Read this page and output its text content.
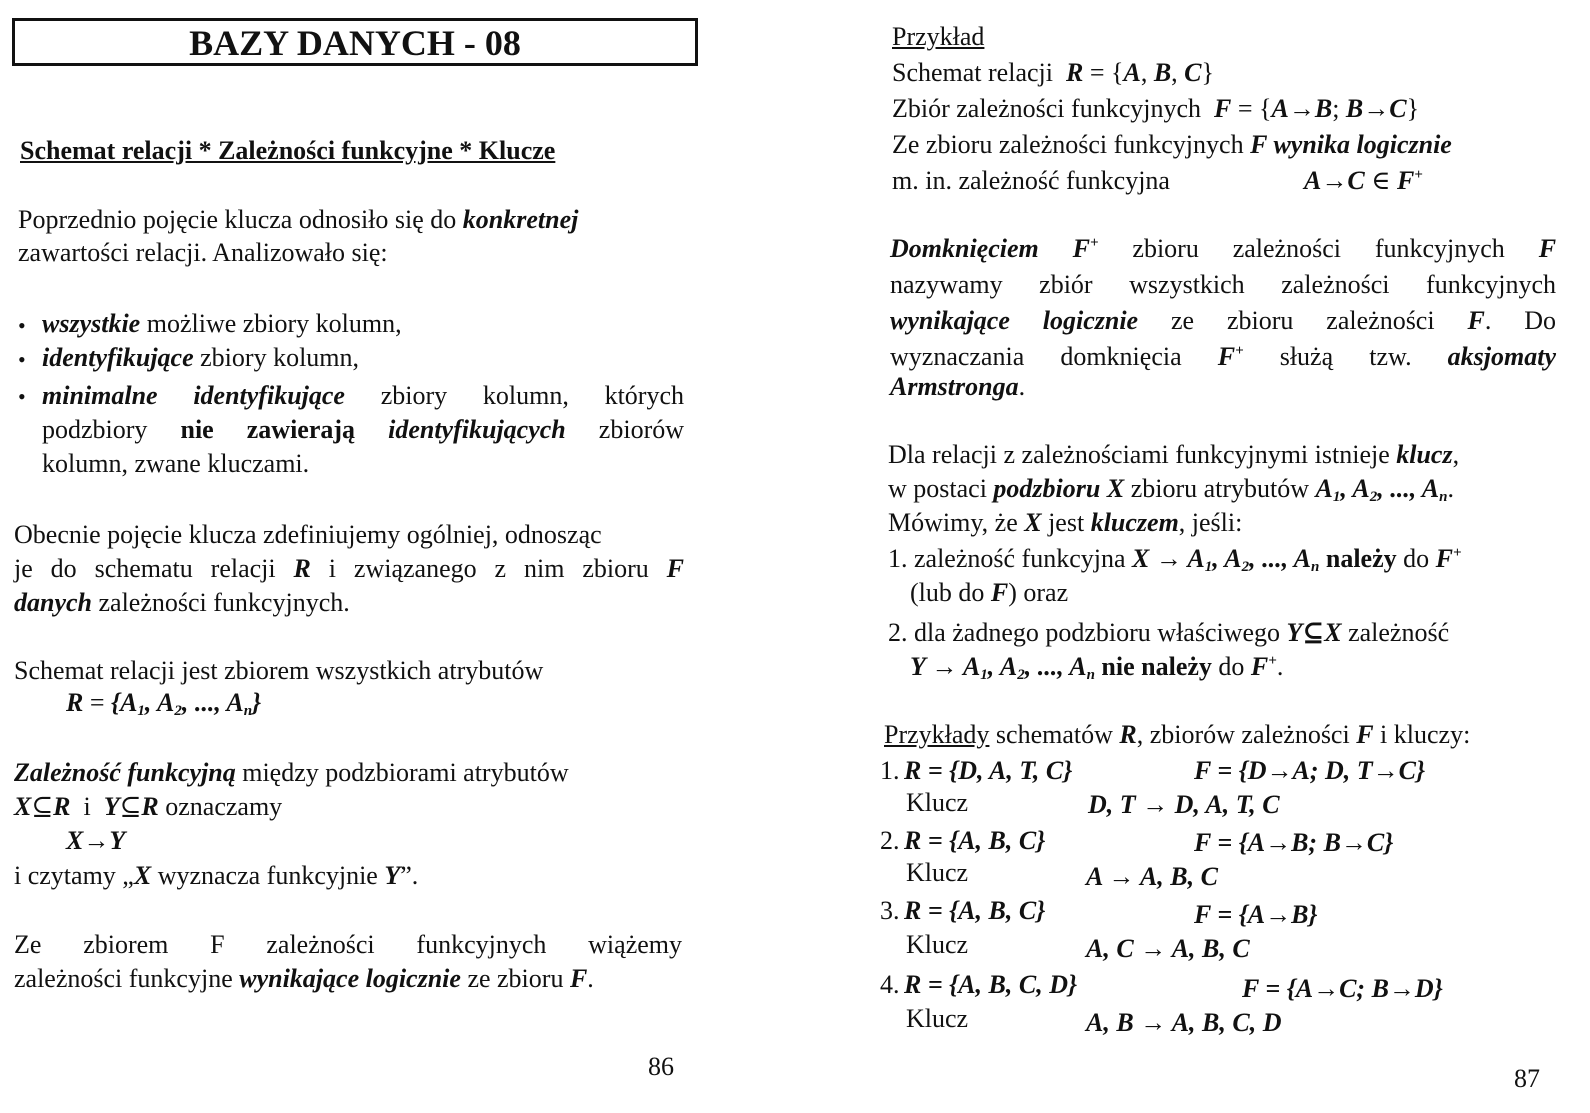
BAZY DANYCH - 08
Schemat relacji * Zależności funkcyjne * Klucze
Poprzednio pojęcie klucza odnosiło się do konkretnej
zawartości relacji. Analizowało się:
• wszystkie możliwe zbiory kolumn,
• identyfikujące zbiory kolumn,
• minimalne identyfikujące zbiory kolumn, których
podzbiory nie zawierają identyfikujących zbiorów
kolumn, zwane kluczami.
Obecnie pojęcie klucza zdefiniujemy ogólniej, odnosząc
je do schematu relacji R i związanego z nim zbioru F
danych zależności funkcyjnych.
Schemat relacji jest zbiorem wszystkich atrybutów
$R = \{A_1$, $A_2$, ..., $A_n$}
Zależność funkcyjną między podzbiorami atrybutów
X⊆R  i  Y⊆R oznaczamy
X→Y
i czytamy „X wyznacza funkcyjnie Y”.
Ze zbiorem F zależności funkcyjnych wiążemy
zależności funkcyjne wynikające logicznie ze zbioru F.
86
Przykład
Schemat relacji R = {A, B, C}
Zbiór zależności funkcyjnych F = {A→B; B→C}
Ze zbioru zależności funkcyjnych F wynika logicznie
m. in. zależność funkcyjna	A→C ∈ F+
Domknięciem F+ zbioru zależności funkcyjnych F
nazywamy zbiór wszystkich zależności funkcyjnych
wynikające logicznie ze zbioru zależności F. Do
wyznaczania domknięcia F+ służą tzw. aksjomaty
Armstronga.
Dla relacji z zależnościami funkcyjnymi istnieje klucz,
w postaci podzbioru X zbioru atrybutów $A_1$, $A_2$, ..., $A_n$.
Mówimy, że X jest kluczem, jeśli:
1. zależność funkcyjna $X \to A_1$, $A_2$, ..., $A_n$ należy do F+
(lub do F) oraz
2. dla żadnego podzbioru właściwego Y⊆X zależność
$Y \to A_1$, $A_2$, ..., $A_n$ nie należy do F+.
Przykłady schematów R, zbiorów zależności F i kluczy:
1. R = {D, A, T, C}	F = {D→A; D, T→C}
Klucz	D, T → D, A, T, C
2. R = {A, B, C}	F = {A→B; B→C}
Klucz	A → A, B, C
3. R = {A, B, C}	F = {A→B}
Klucz	A, C → A, B, C
4. R = {A, B, C, D}	F = {A→C; B→D}
Klucz	A, B → A, B, C, D
87
